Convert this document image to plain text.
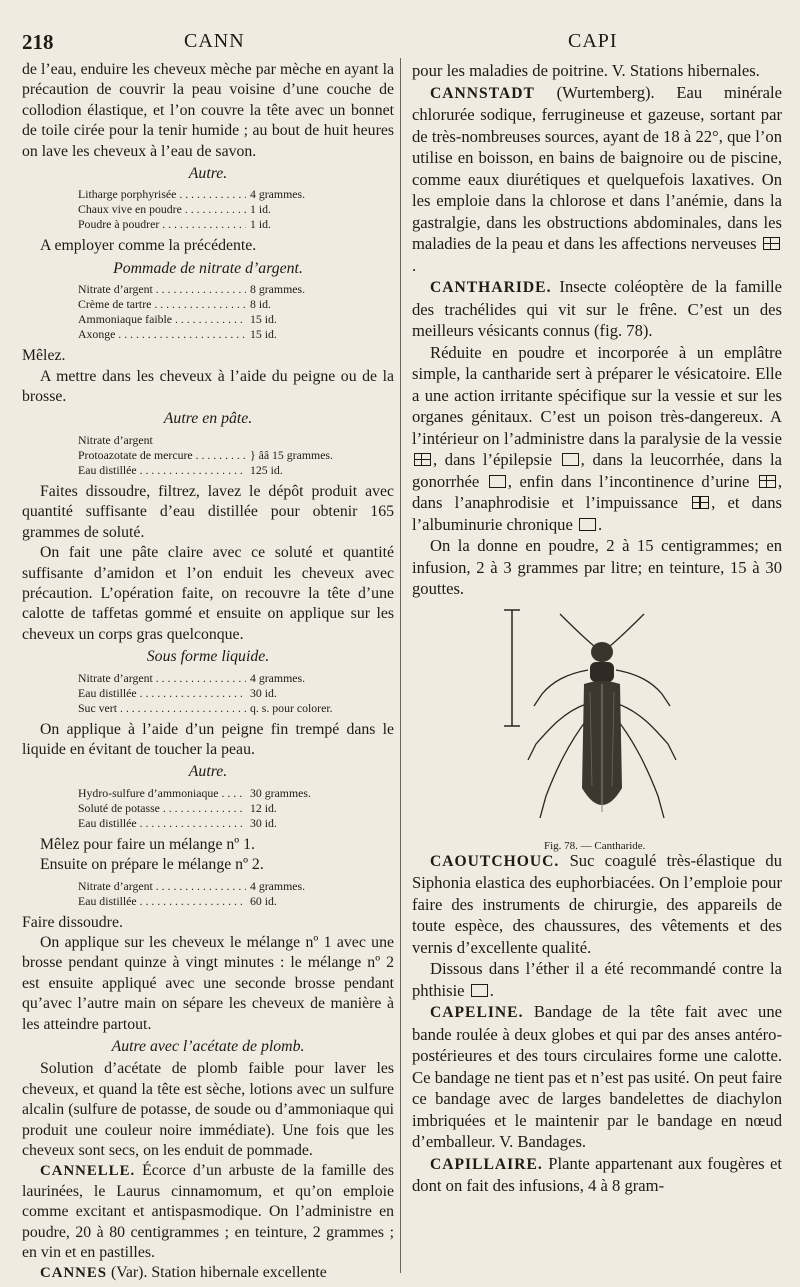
218	CANN	CAPI

de l’eau, enduire les cheveux mèche par mèche en ayant la précaution de couvrir la peau voisine d’une couche de collodion élastique, et l’on couvre la tête avec un bonnet de toile cirée pour la tenir humide ; au bout de huit heures on lave les cheveux à l’eau de savon.

Autre.

Litharge porphyrisée . . .	4 grammes.
Chaux vive en poudre . . .	1 id.
Poudre à poudrer . . .	1 id.

A employer comme la précédente.

Pommade de nitrate d’argent.

Nitrate d’argent . . .	8 grammes.
Crème de tartre . . .	8 id.
Ammoniaque faible . . .	15 id.
Axonge . . .	15 id.

Mêlez.

A mettre dans les cheveux à l’aide du peigne ou de la brosse.

Autre en pâte.

Nitrate d’argent
Protoazotate de mercure . . .	} ââ 15 grammes.
Eau distillée . . .	125 id.

Faites dissoudre, filtrez, lavez le dépôt produit avec quantité suffisante d’eau distillée pour obtenir 165 grammes de soluté.

On fait une pâte claire avec ce soluté et quantité suffisante d’amidon et l’on enduit les cheveux avec précaution. L’opération faite, on recouvre la tête d’une calotte de taffetas gommé et ensuite on applique sur les cheveux un corps gras quelconque.

Sous forme liquide.

Nitrate d’argent . . .	4 grammes.
Eau distillée . . .	30 id.
Suc vert . . .	q. s. pour colorer.

On applique à l’aide d’un peigne fin trempé dans le liquide en évitant de toucher la peau.

Autre.

Hydro-sulfure d’ammoniaque . . .	30 grammes.
Soluté de potasse . . .	12 id.
Eau distillée . . .	30 id.

Mêlez pour faire un mélange nº 1.

Ensuite on prépare le mélange nº 2.

Nitrate d’argent . . .	4 grammes.
Eau distillée . . .	60 id.

Faire dissoudre.

On applique sur les cheveux le mélange nº 1 avec une brosse pendant quinze à vingt minutes : le mélange nº 2 est ensuite appliqué avec une seconde brosse pendant qu’avec l’autre main on sépare les cheveux de manière à les atteindre partout.

Autre avec l’acétate de plomb.

Solution d’acétate de plomb faible pour laver les cheveux, et quand la tête est sèche, lotions avec un sulfure alcalin (sulfure de potasse, de soude ou d’ammoniaque qui produit une couleur noire immédiate). Une fois que les cheveux sont secs, on les enduit de pommade.

CANNELLE. Écorce d’un arbuste de la famille des laurinées, le Laurus cinnamomum, et qu’on emploie comme excitant et antispasmodique. On l’administre en poudre, 20 à 80 centigrammes ; en teinture, 2 grammes ; en vin et en pastilles.

CANNES (Var). Station hibernale excellente

pour les maladies de poitrine. V. Stations hibernales.

CANNSTADT (Wurtemberg). Eau minérale chlorurée sodique, ferrugineuse et gazeuse, sortant par de très-nombreuses sources, ayant de 18 à 22°, que l’on utilise en boisson, en bains de baignoire ou de piscine, comme eaux diurétiques et quelquefois laxatives. On les emploie dans la chlorose et dans l’anémie, dans la gastralgie, dans les obstructions abdominales, dans les maladies de la peau et dans les affections nerveuses .

CANTHARIDE. Insecte coléoptère de la famille des trachélides qui vit sur le frêne. C’est un des meilleurs vésicants connus (fig. 78).

Réduite en poudre et incorporée à un emplâtre simple, la cantharide sert à préparer le vésicatoire. Elle a une action irritante spécifique sur la vessie et sur les organes génitaux. C’est un poison très-dangereux. A l’intérieur on l’administre dans la paralysie de la vessie , dans l’épilepsie , dans la leucorrhée, dans la gonorrhée , enfin dans l’incontinence d’urine , dans l’anaphrodisie et l’impuissance , et dans l’albuminurie chronique .

On la donne en poudre, 2 à 15 centigrammes; en infusion, 2 à 3 grammes par litre; en teinture, 15 à 30 gouttes.

Fig. 78. — Cantharide.

CAOUTCHOUC. Suc coagulé très-élastique du Siphonia elastica des euphorbiacées. On l’emploie pour faire des instruments de chirurgie, des appareils de toute espèce, des chaussures, des vêtements et des vernis d’excellente qualité.

Dissous dans l’éther il a été recommandé contre la phthisie .

CAPELINE. Bandage de la tête fait avec une bande roulée à deux globes et qui par des anses antéro-postérieures et des tours circulaires forme une calotte. Ce bandage ne tient pas et n’est pas usité. On peut faire ce bandage avec de larges bandelettes de diachylon imbriquées et le maintenir par le bandage en nœud d’emballeur. V. Bandages.

CAPILLAIRE. Plante appartenant aux fougères et dont on fait des infusions, 4 à 8 gram-
